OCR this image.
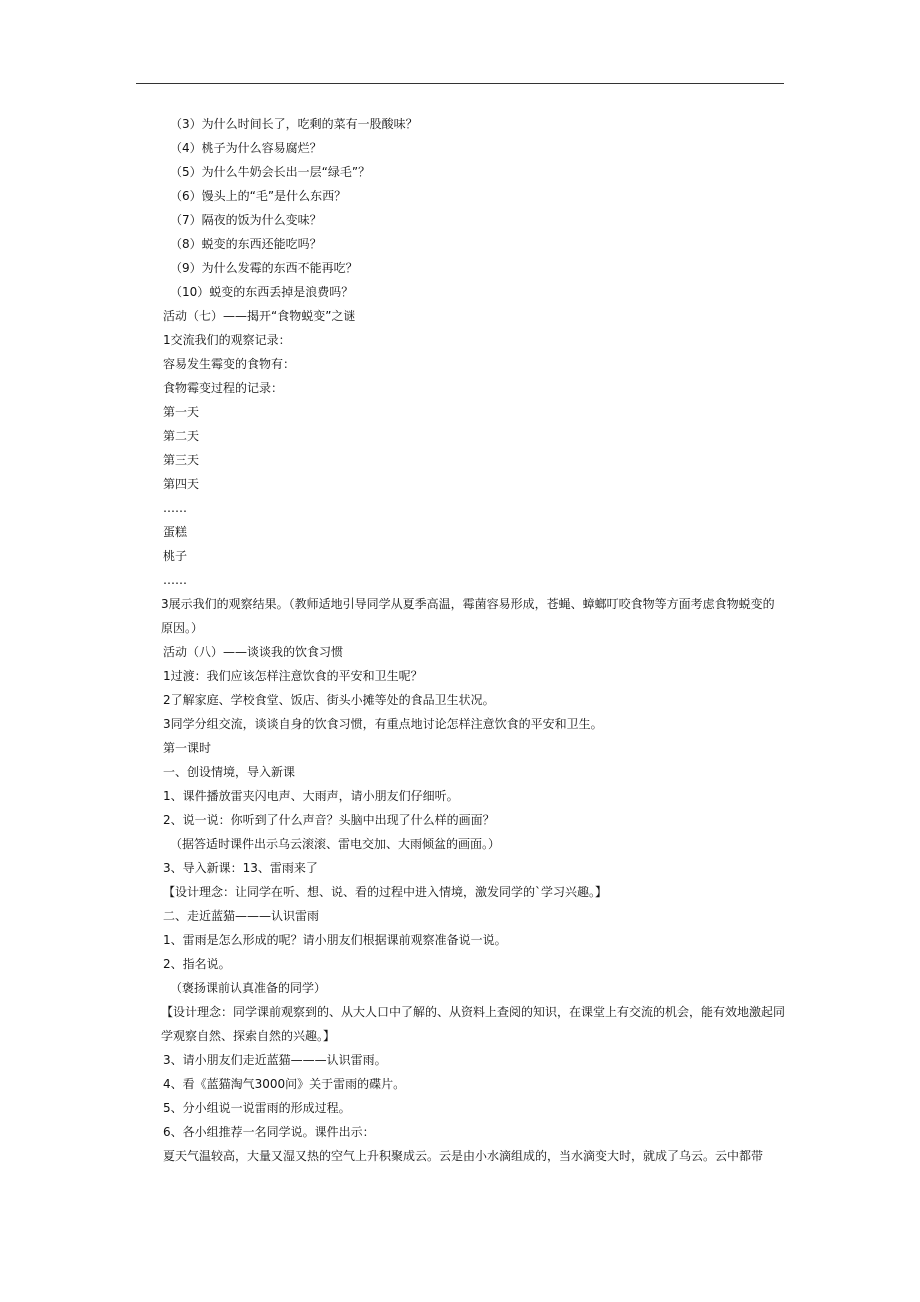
（3）为什么时间长了，吃剩的菜有一股酸味？
（4）桃子为什么容易腐烂？
（5）为什么牛奶会长出一层“绿毛”？
（6）馒头上的“毛”是什么东西？
（7）隔夜的饭为什么变味？
（8）蜕变的东西还能吃吗？
（9）为什么发霉的东西不能再吃？
（10）蜕变的东西丢掉是浪费吗？
活动（七）——揭开“食物蜕变”之谜
1交流我们的观察记录：
容易发生霉变的食物有：
食物霉变过程的记录：
第一天
第二天
第三天
第四天
……
蛋糕
桃子
……
3展示我们的观察结果。（教师适地引导同学从夏季高温，霉菌容易形成，苍蝇、蟑螂叮咬食物等方面考虑食物蜕变的原因。）
活动（八）——谈谈我的饮食习惯
1过渡：我们应该怎样注意饮食的平安和卫生呢？
2了解家庭、学校食堂、饭店、街头小摊等处的食品卫生状况。
3同学分组交流，谈谈自身的饮食习惯，有重点地讨论怎样注意饮食的平安和卫生。
第一课时
一、创设情境，导入新课
1、课件播放雷夹闪电声、大雨声，请小朋友们仔细听。
2、说一说：你听到了什么声音？头脑中出现了什么样的画面？
（据答适时课件出示乌云滚滚、雷电交加、大雨倾盆的画面。）
3、导入新课：13、雷雨来了
【设计理念：让同学在听、想、说、看的过程中进入情境，激发同学的`学习兴趣。】
二、走近蓝猫———认识雷雨
1、雷雨是怎么形成的呢？请小朋友们根据课前观察准备说一说。
2、指名说。
（褒扬课前认真准备的同学）
【设计理念：同学课前观察到的、从大人口中了解的、从资料上查阅的知识，在课堂上有交流的机会，能有效地激起同学观察自然、探索自然的兴趣。】
3、请小朋友们走近蓝猫———认识雷雨。
4、看《蓝猫淘气3000问》关于雷雨的碟片。
5、分小组说一说雷雨的形成过程。
6、各小组推荐一名同学说。课件出示：
夏天气温较高，大量又湿又热的空气上升积聚成云。云是由小水滴组成的，当水滴变大时，就成了乌云。云中都带
